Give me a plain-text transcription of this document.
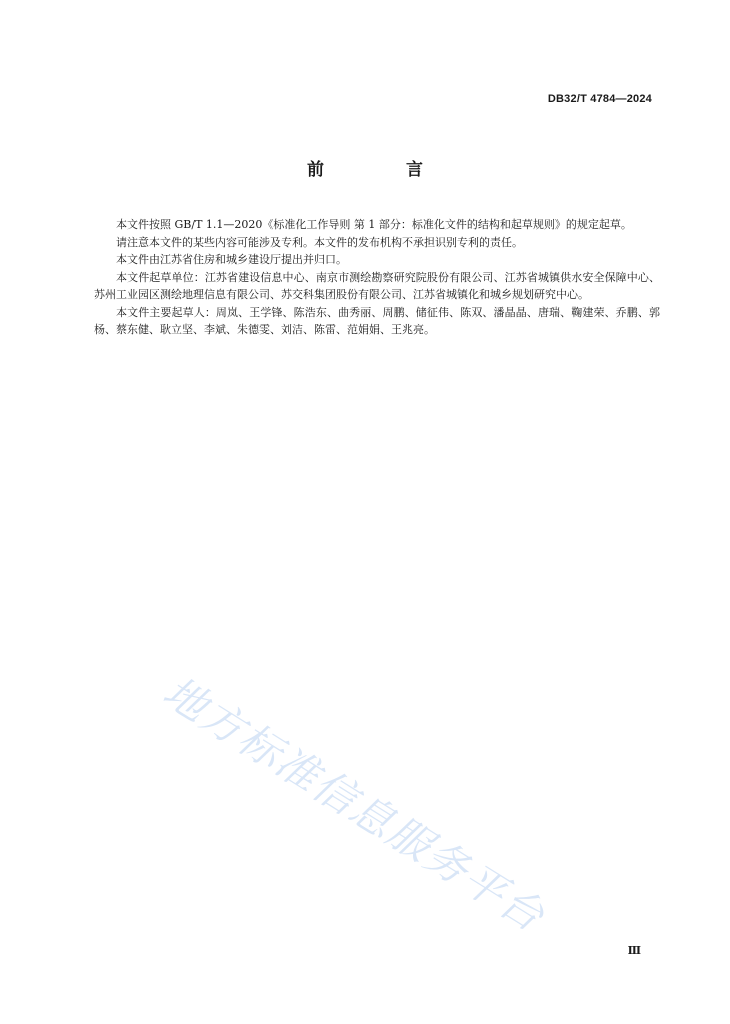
DB32/T 4784—2024
前 言

本文件按照 GB/T 1.1—2020《标准化工作导则 第 1 部分：标准化文件的结构和起草规则》的规定起草。

请注意本文件的某些内容可能涉及专利。本文件的发布机构不承担识别专利的责任。

本文件由江苏省住房和城乡建设厅提出并归口。

本文件起草单位：江苏省建设信息中心、南京市测绘勘察研究院股份有限公司、江苏省城镇供水安全保障中心、苏州工业园区测绘地理信息有限公司、苏交科集团股份有限公司、江苏省城镇化和城乡规划研究中心。

本文件主要起草人：周岚、王学锋、陈浩东、曲秀丽、周鹏、储征伟、陈双、潘晶晶、唐瑞、鞠建荣、乔鹏、郭杨、蔡东健、耿立坚、李斌、朱德雯、刘洁、陈雷、范娟娟、王兆亮。

地方标准信息服务平台
Ⅲ
